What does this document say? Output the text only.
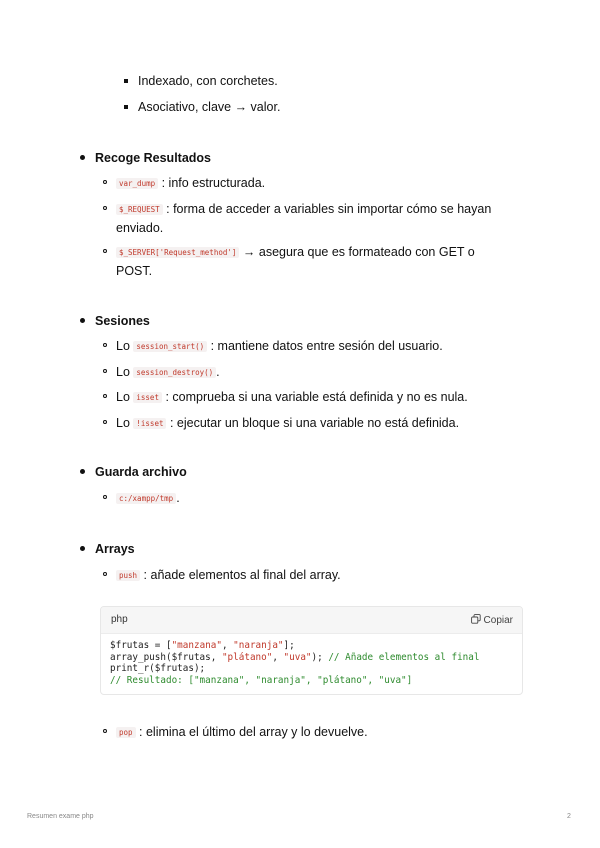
Indexado, con corchetes.
Asociativo, clave → valor.
Recoge Resultados
var_dump : info estructurada.
$_REQUEST : forma de acceder a variables sin importar cómo se hayan enviado.
$_SERVER['Request_method'] → asegura que es formateado con GET o POST.
Sesiones
Lo session_start() : mantiene datos entre sesión del usuario.
Lo session_destroy() .
Lo isset : comprueba si una variable está definida y no es nula.
Lo !isset : ejecutar un bloque si una variable no está definida.
Guarda archivo
c:/xampp/tmp .
Arrays
push : añade elementos al final del array.
pop : elimina el último del array y lo devuelve.
php	Copiar
$frutas = ["manzana", "naranja"];
array_push($frutas, "plátano", "uva"); // Añade elementos al final
print_r($frutas);
// Resultado: ["manzana", "naranja", "plátano", "uva"]
Resumen exame php	2
